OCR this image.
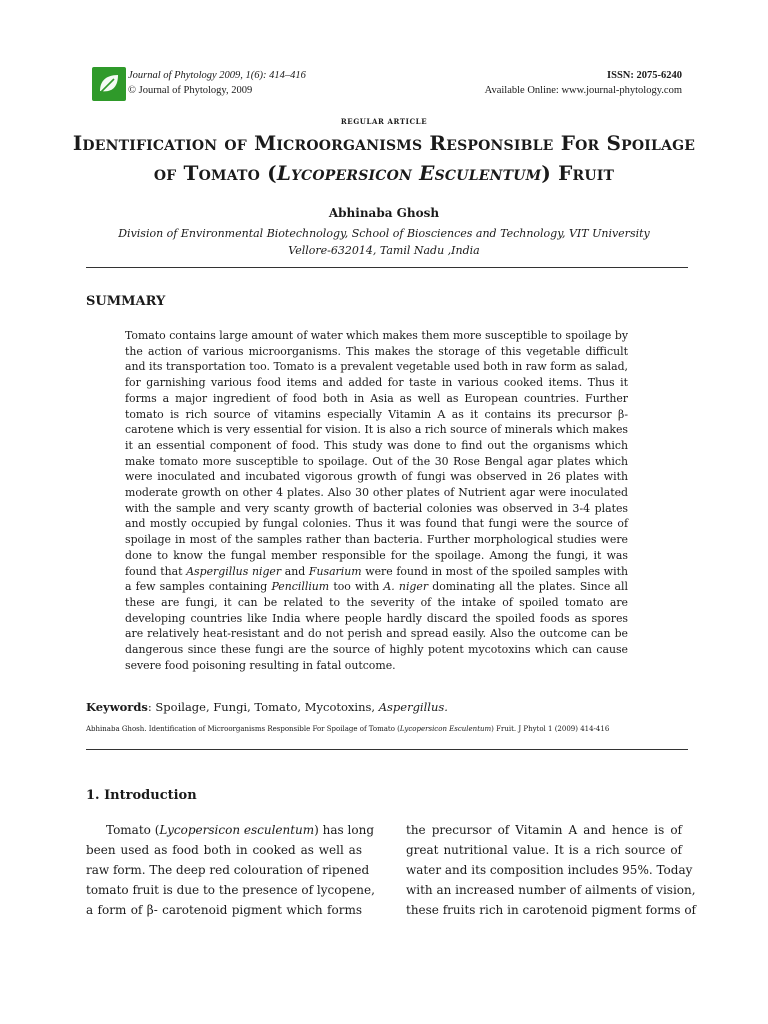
Journal of Phytology 2009, 1(6): 414–416
© Journal of Phytology, 2009
ISSN: 2075-6240
Available Online: www.journal-phytology.com
REGULAR ARTICLE
Identification of Microorganisms Responsible For Spoilage of Tomato (Lycopersicon Esculentum) Fruit
Abhinaba Ghosh
Division of Environmental Biotechnology, School of Biosciences and Technology, VIT University
Vellore-632014, Tamil Nadu ,India
SUMMARY
Tomato contains large amount of water which makes them more susceptible to spoilage by the action of various microorganisms. This makes the storage of this vegetable difficult and its transportation too. Tomato is a prevalent vegetable used both in raw form as salad, for garnishing various food items and added for taste in various cooked items. Thus it forms a major ingredient of food both in Asia as well as European countries. Further tomato is rich source of vitamins especially Vitamin A as it contains its precursor β-carotene which is very essential for vision. It is also a rich source of minerals which makes it an essential component of food. This study was done to find out the organisms which make tomato more susceptible to spoilage. Out of the 30 Rose Bengal agar plates which were inoculated and incubated vigorous growth of fungi was observed in 26 plates with moderate growth on other 4 plates. Also 30 other plates of Nutrient agar were inoculated with the sample and very scanty growth of bacterial colonies was observed in 3-4 plates and mostly occupied by fungal colonies. Thus it was found that fungi were the source of spoilage in most of the samples rather than bacteria. Further morphological studies were done to know the fungal member responsible for the spoilage. Among the fungi, it was found that Aspergillus niger and Fusarium were found in most of the spoiled samples with a few samples containing Pencillium too with A. niger dominating all the plates. Since all these are fungi, it can be related to the severity of the intake of spoiled tomato are developing countries like India where people hardly discard the spoiled foods as spores are relatively heat-resistant and do not perish and spread easily. Also the outcome can be dangerous since these fungi are the source of highly potent mycotoxins which can cause severe food poisoning resulting in fatal outcome.
Keywords: Spoilage, Fungi, Tomato, Mycotoxins, Aspergillus.
Abhinaba Ghosh. Identification of Microorganisms Responsible For Spoilage of Tomato (Lycopersicon Esculentum) Fruit. J Phytol 1 (2009) 414-416
1. Introduction
Tomato (Lycopersicon esculentum) has long
been used as food both in cooked as well as
raw form. The deep red colouration of ripened
tomato fruit is due to the presence of lycopene,
a form of β- carotenoid pigment which forms
the precursor of Vitamin A and hence is of
great nutritional value. It is a rich source of
water and its composition includes 95%. Today
with an increased number of ailments of vision,
these fruits rich in carotenoid pigment forms of
